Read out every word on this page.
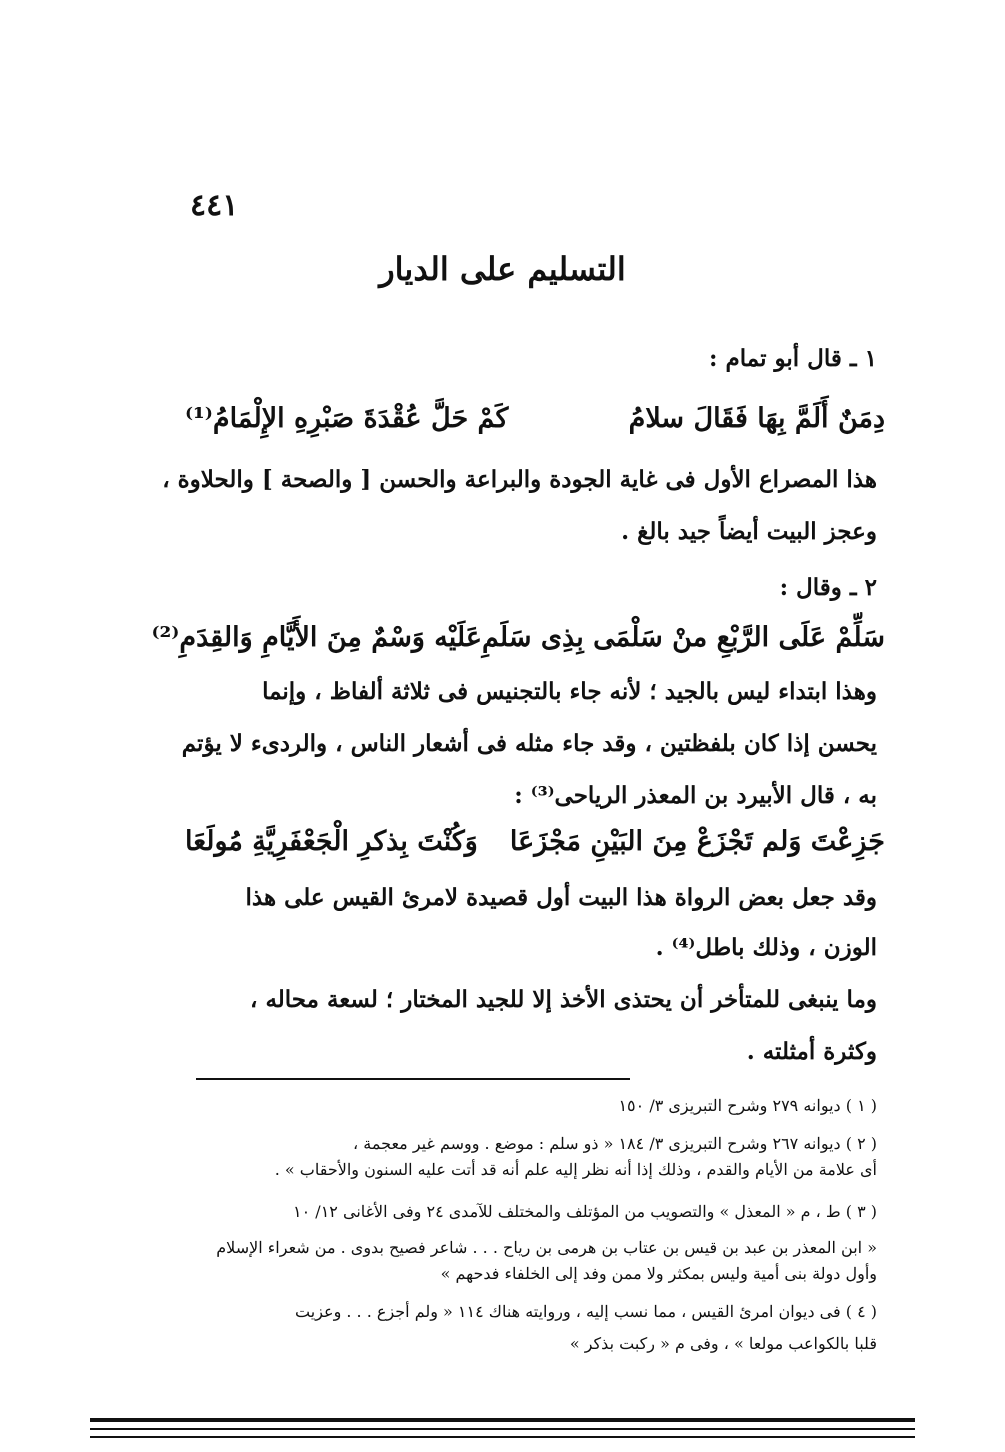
٤٤١
التسليم على الديار
١ ـ قال أبو تمام :
دِمَنٌ أَلَمَّ بِهَا فَقَالَ سلامُ
كَمْ حَلَّ عُقْدَةَ صَبْرِهِ الإِلْمَامُ⁽¹⁾
هذا المصراع الأول فى غاية الجودة والبراعة والحسن [ والصحة ] والحلاوة ،
وعجز البيت أيضاً جيد بالغ .
٢ ـ وقال :
سَلِّمْ عَلَى الرَّبْعِ منْ سَلْمَى بِذِى سَلَمِ
عَلَيْه وَسْمٌ مِنَ الأَيَّامِ وَالقِدَمِ⁽²⁾
وهذا ابتداء ليس بالجيد ؛ لأنه جاء بالتجنيس فى ثلاثة ألفاظ ، وإنما
يحسن إذا كان بلفظتين ، وقد جاء مثله فى أشعار الناس ، والردىء لا يؤتم
به ، قال الأبيرد بن المعذر الرياحى⁽³⁾ :
جَزِعْتَ وَلم تَجْزَعْ مِنَ البَيْنِ مَجْزَعَا
وَكُنْتَ بِذكرِ الْجَعْفَرِيَّةِ مُولَعَا
وقد جعل بعض الرواة هذا البيت أول قصيدة لامرئ القيس على هذا
الوزن ، وذلك باطل⁽⁴⁾ .
وما ينبغى للمتأخر أن يحتذى الأخذ إلا للجيد المختار ؛ لسعة محاله ،
وكثرة أمثلته .
( ١ ) ديوانه ٢٧٩ وشرح التبريزى ٣/ ١٥٠
( ٢ ) ديوانه ٢٦٧ وشرح التبريزى ٣/ ١٨٤ « ذو سلم : موضع . ووسم غير معجمة ،
أى علامة من الأيام والقدم ، وذلك إذا أنه نظر إليه علم أنه قد أتت عليه السنون والأحقاب » .
( ٣ ) ط ، م « المعذل » والتصويب من المؤتلف والمختلف للآمدى ٢٤ وفى الأغانى ١٢/ ١٠
« ابن المعذر بن عبد بن قيس بن عتاب بن هرمى بن رياح . . . شاعر فصيح بدوى . من شعراء الإسلام
وأول دولة بنى أمية وليس بمكثر ولا ممن وفد إلى الخلفاء فدحهم »
( ٤ ) فى ديوان امرئ القيس ، مما نسب إليه ، وروايته هناك ١١٤ « ولم أجزع . . . وعزيت
قلبا بالكواعب مولعا » ، وفى م « ركبت بذكر »
